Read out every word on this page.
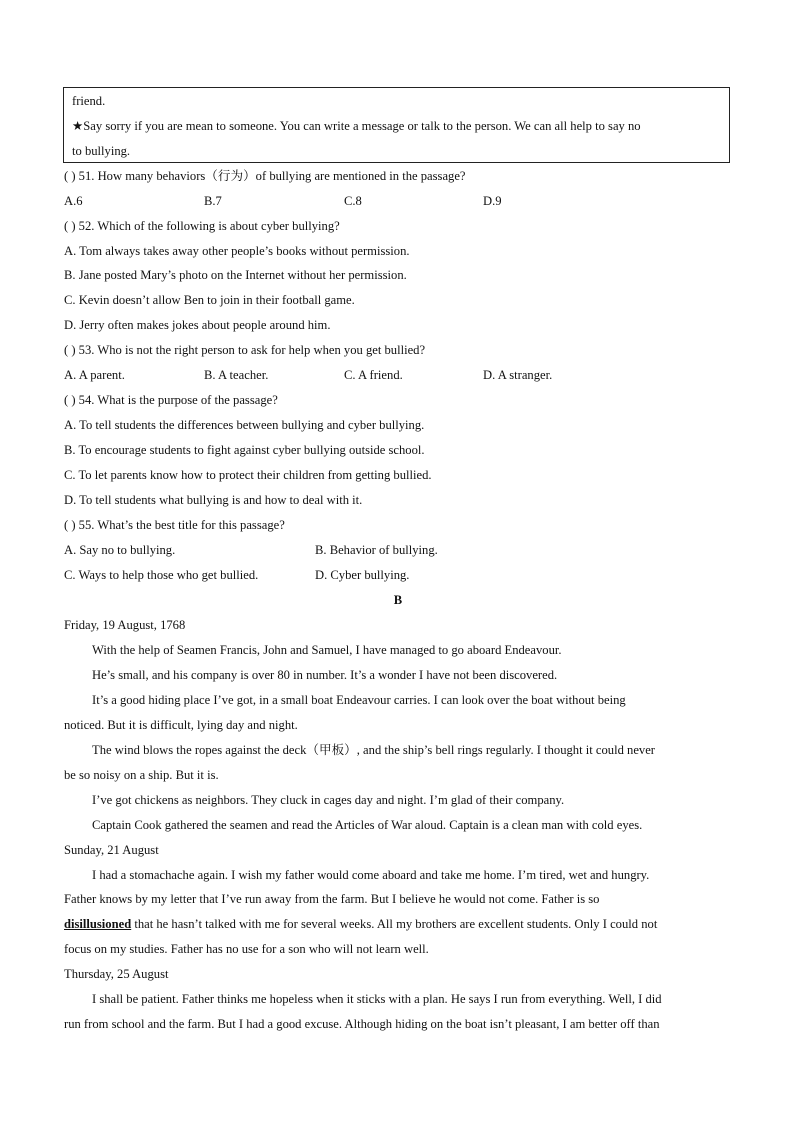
friend.
★Say sorry if you are mean to someone. You can write a message or talk to the person. We can all help to say no
to bullying.
( ) 51. How many behaviors（行为）of bullying are mentioned in the passage?
A.6	B.7	C.8	D.9
( ) 52. Which of the following is about cyber bullying?
A. Tom always takes away other people’s books without permission.
B. Jane posted Mary’s photo on the Internet without her permission.
C. Kevin doesn’t allow Ben to join in their football game.
D. Jerry often makes jokes about people around him.
( ) 53. Who is not the right person to ask for help when you get bullied?
A. A parent.	B. A teacher.	C. A friend.	D. A stranger.
( ) 54. What is the purpose of the passage?
A. To tell students the differences between bullying and cyber bullying.
B. To encourage students to fight against cyber bullying outside school.
C. To let parents know how to protect their children from getting bullied.
D. To tell students what bullying is and how to deal with it.
( ) 55. What’s the best title for this passage?
A. Say no to bullying.	B. Behavior of bullying.
C. Ways to help those who get bullied.	D. Cyber bullying.
B
Friday, 19 August, 1768
With the help of Seamen Francis, John and Samuel, I have managed to go aboard Endeavour.
He’s small, and his company is over 80 in number. It’s a wonder I have not been discovered.
It’s a good hiding place I’ve got, in a small boat Endeavour carries. I can look over the boat without being
noticed. But it is difficult, lying day and night.
The wind blows the ropes against the deck（甲板）, and the ship’s bell rings regularly. I thought it could never
be so noisy on a ship. But it is.
I’ve got chickens as neighbors. They cluck in cages day and night. I’m glad of their company.
Captain Cook gathered the seamen and read the Articles of War aloud. Captain is a clean man with cold eyes.
Sunday, 21 August
I had a stomachache again. I wish my father would come aboard and take me home. I’m tired, wet and hungry.
Father knows by my letter that I’ve run away from the farm. But I believe he would not come. Father is so
disillusioned that he hasn’t talked with me for several weeks. All my brothers are excellent students. Only I could not
focus on my studies. Father has no use for a son who will not learn well.
Thursday, 25 August
I shall be patient. Father thinks me hopeless when it sticks with a plan. He says I run from everything. Well, I did
run from school and the farm. But I had a good excuse. Although hiding on the boat isn’t pleasant, I am better off than
